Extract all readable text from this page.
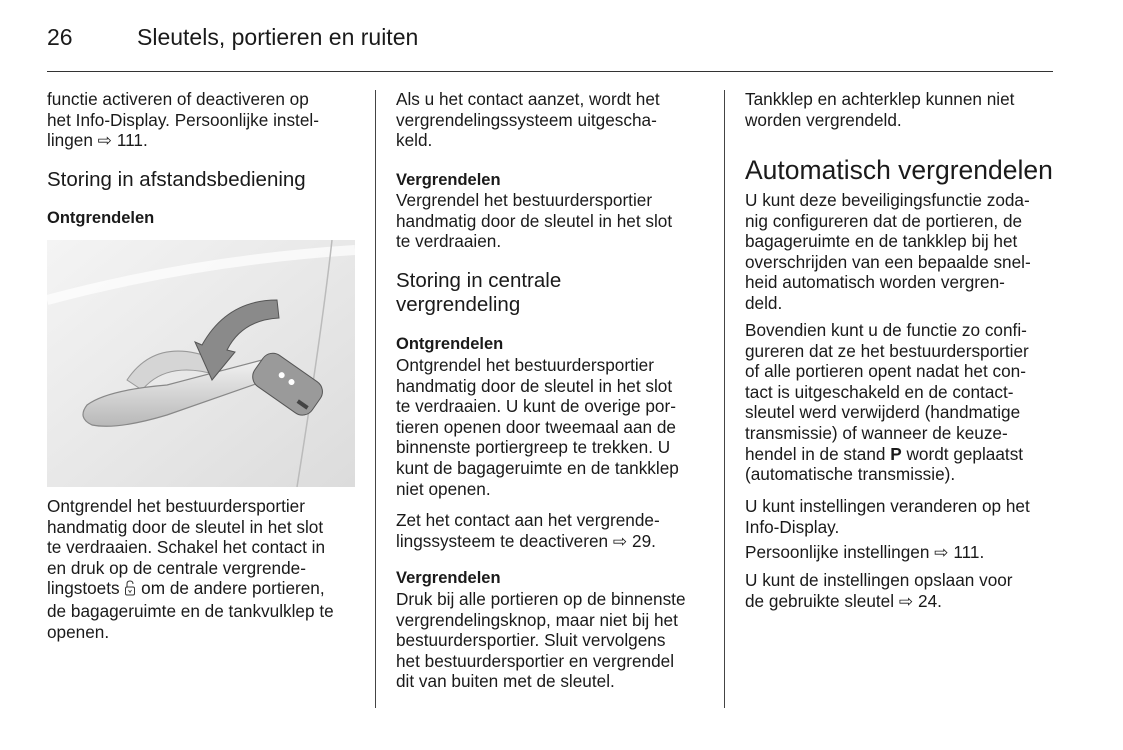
26	Sleutels, portieren en ruiten
functie activeren of deactiveren op
het Info-Display. Persoonlijke instel-
lingen ⇨ 111.
Storing in afstandsbediening
Ontgrendelen
Ontgrendel het bestuurdersportier
handmatig door de sleutel in het slot
te verdraaien. Schakel het contact in
en druk op de centrale vergrende-
lingstoets  om de andere portieren,
de bagageruimte en de tankvulklep te
openen.
Als u het contact aanzet, wordt het
vergrendelingssysteem uitgescha-
keld.
Vergrendelen
Vergrendel het bestuurdersportier
handmatig door de sleutel in het slot
te verdraaien.
Storing in centrale
vergrendeling
Ontgrendelen
Ontgrendel het bestuurdersportier
handmatig door de sleutel in het slot
te verdraaien. U kunt de overige por-
tieren openen door tweemaal aan de
binnenste portiergreep te trekken. U
kunt de bagageruimte en de tankklep
niet openen.
Zet het contact aan het vergrende-
lingssysteem te deactiveren ⇨ 29.
Vergrendelen
Druk bij alle portieren op de binnenste
vergrendelingsknop, maar niet bij het
bestuurdersportier. Sluit vervolgens
het bestuurdersportier en vergrendel
dit van buiten met de sleutel.
Tankklep en achterklep kunnen niet
worden vergrendeld.
Automatisch vergrendelen
U kunt deze beveiligingsfunctie zoda-
nig configureren dat de portieren, de
bagageruimte en de tankklep bij het
overschrijden van een bepaalde snel-
heid automatisch worden vergren-
deld.
Bovendien kunt u de functie zo confi-
gureren dat ze het bestuurdersportier
of alle portieren opent nadat het con-
tact is uitgeschakeld en de contact-
sleutel werd verwijderd (handmatige
transmissie) of wanneer de keuze-
hendel in de stand P wordt geplaatst
(automatische transmissie).
U kunt instellingen veranderen op het
Info-Display.
Persoonlijke instellingen ⇨ 111.
U kunt de instellingen opslaan voor
de gebruikte sleutel ⇨ 24.
